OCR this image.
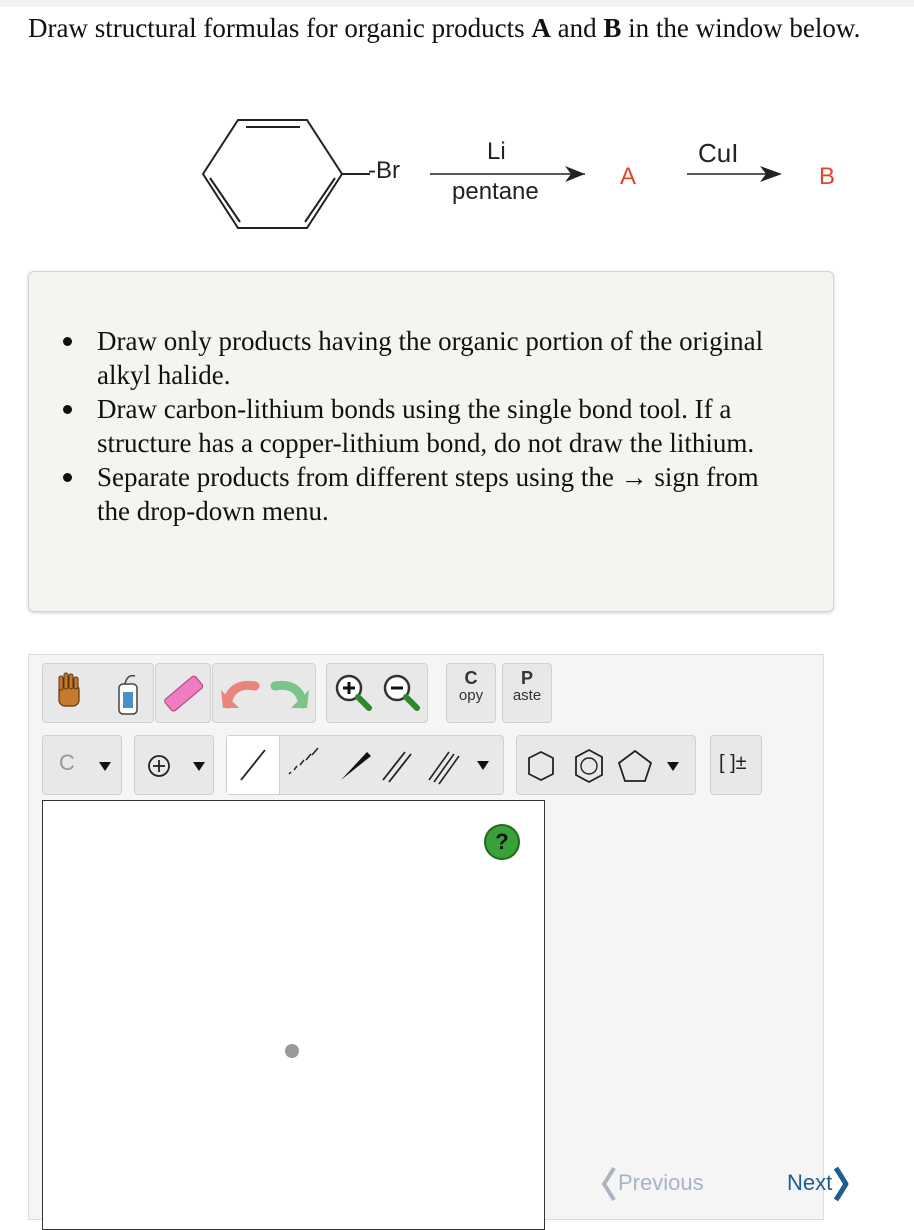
Draw structural formulas for organic products A and B in the window below.
-Br
Li
pentane
A
CuI
B
Draw only products having the organic portion of the original alkyl halide.
Draw carbon-lithium bonds using the single bond tool. If a structure has a copper-lithium bond, do not draw the lithium.
Separate products from different steps using the → sign from the drop-down menu.
C
opy
P
aste
C	[ ]±
?
Previous	Next
